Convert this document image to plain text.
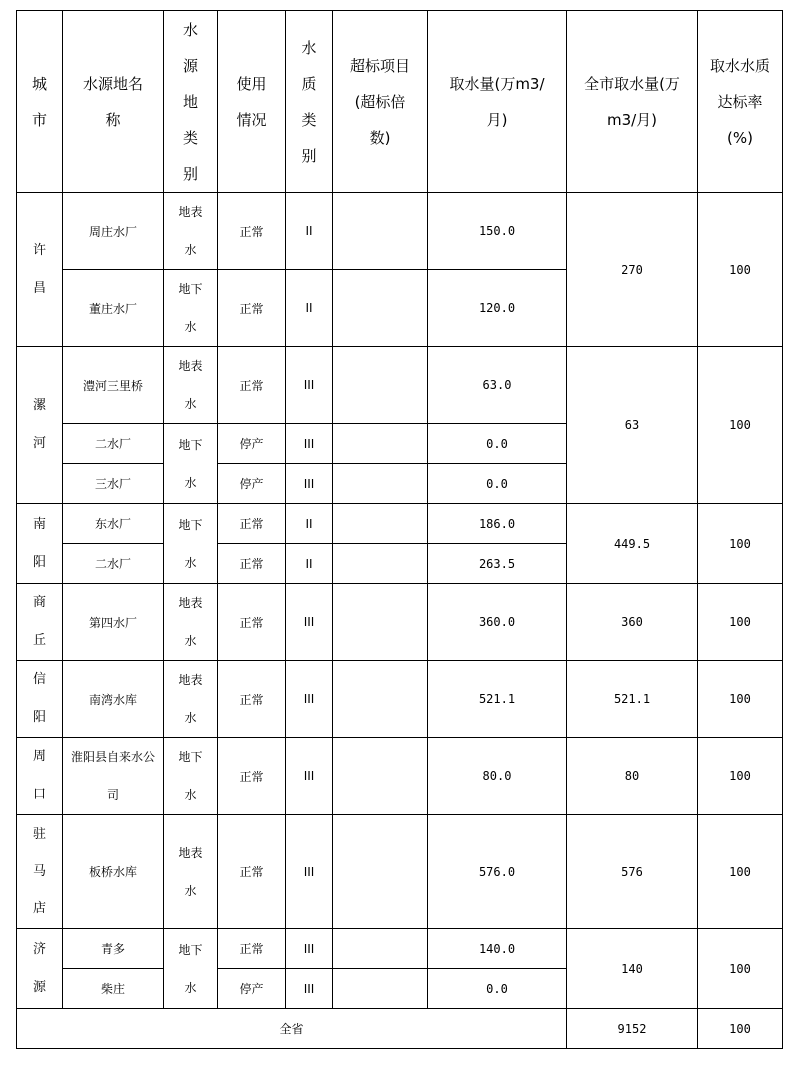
城市	水源地名称	水源地类别	使用情况	水质类别	超标项目(超标倍数)	取水量(万m3/月)	全市取水量(万m3/月)	取水水质达标率(%)

许昌	周庄水厂	地表水	正常	II		150.0	270	100
	董庄水厂	地下水	正常	II		120.0		

漯河	澧河三里桥	地表水	正常	III		63.0	63	100
	二水厂	地下水	停产	III		0.0		
	三水厂		停产	III		0.0		

南阳	东水厂	地下水	正常	II		186.0	449.5	100
	二水厂		正常	II		263.5		

商丘	第四水厂	地表水	正常	III		360.0	360	100

信阳	南湾水库	地表水	正常	III		521.1	521.1	100

周口	淮阳县自来水公司	地下水	正常	III		80.0	80	100

驻马店	板桥水库	地表水	正常	III		576.0	576	100

济源	青多	地下水	正常	III		140.0	140	100
	柴庄		停产	III		0.0		
全省							9152	100
